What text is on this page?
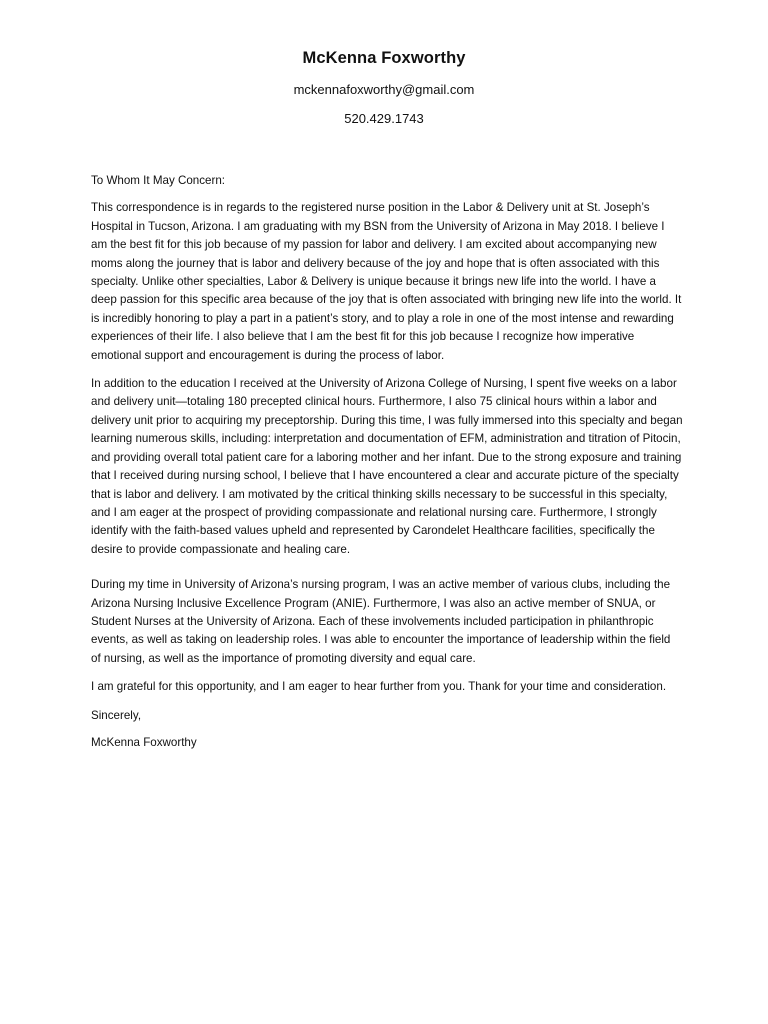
McKenna Foxworthy
mckennafoxworthy@gmail.com
520.429.1743

To Whom It May Concern:

This correspondence is in regards to the registered nurse position in the Labor & Delivery unit at St. Joseph’s Hospital in Tucson, Arizona. I am graduating with my BSN from the University of Arizona in May 2018. I believe I am the best fit for this job because of my passion for labor and delivery. I am excited about accompanying new moms along the journey that is labor and delivery because of the joy and hope that is often associated with this specialty. Unlike other specialties, Labor & Delivery is unique because it brings new life into the world. I have a deep passion for this specific area because of the joy that is often associated with bringing new life into the world. It is incredibly honoring to play a part in a patient’s story, and to play a role in one of the most intense and rewarding experiences of their life. I also believe that I am the best fit for this job because I recognize how imperative emotional support and encouragement is during the process of labor.

In addition to the education I received at the University of Arizona College of Nursing, I spent five weeks on a labor and delivery unit—totaling 180 precepted clinical hours. Furthermore, I also 75 clinical hours within a labor and delivery unit prior to acquiring my preceptorship. During this time, I was fully immersed into this specialty and began learning numerous skills, including: interpretation and documentation of EFM, administration and titration of Pitocin, and providing overall total patient care for a laboring mother and her infant. Due to the strong exposure and training that I received during nursing school, I believe that I have encountered a clear and accurate picture of the specialty that is labor and delivery. I am motivated by the critical thinking skills necessary to be successful in this specialty, and I am eager at the prospect of providing compassionate and relational nursing care. Furthermore, I strongly identify with the faith-based values upheld and represented by Carondelet Healthcare facilities, specifically the desire to provide compassionate and healing care.

During my time in University of Arizona’s nursing program, I was an active member of various clubs, including the Arizona Nursing Inclusive Excellence Program (ANIE). Furthermore, I was also an active member of SNUA, or Student Nurses at the University of Arizona. Each of these involvements included participation in philanthropic events, as well as taking on leadership roles. I was able to encounter the importance of leadership within the field of nursing, as well as the importance of promoting diversity and equal care.

I am grateful for this opportunity, and I am eager to hear further from you. Thank for your time and consideration.

Sincerely,

McKenna Foxworthy
